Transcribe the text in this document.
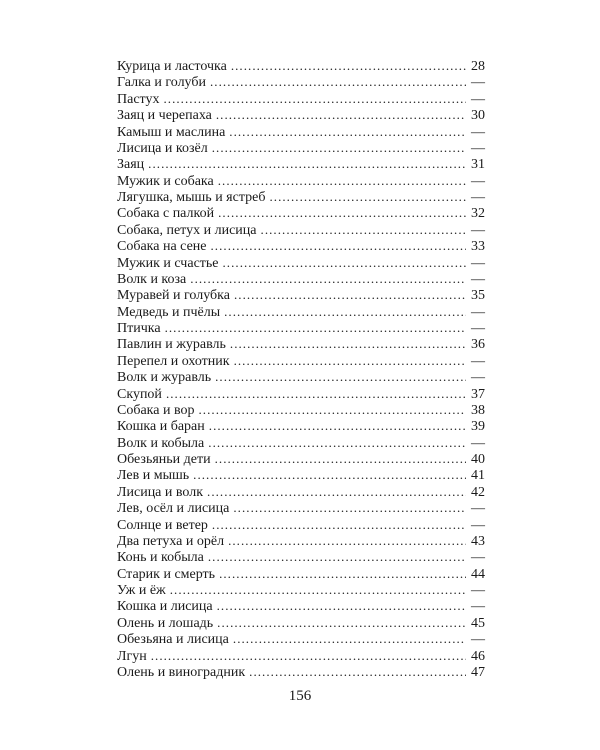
Курица и ласточка . . .	28
Галка и голуби . . .	—
Пастух . . .	—
Заяц и черепаха . . .	30
Камыш и маслина . . .	—
Лисица и козёл . . .	—
Заяц . . .	31
Мужик и собака . . .	—
Лягушка, мышь и ястреб . . .	—
Собака с палкой . . .	32
Собака, петух и лисица . . .	—
Собака на сене . . .	33
Мужик и счастье . . .	—
Волк и коза . . .	—
Муравей и голубка . . .	35
Медведь и пчёлы . . .	—
Птичка . . .	—
Павлин и журавль . . .	36
Перепел и охотник . . .	—
Волк и журавль . . .	—
Скупой . . .	37
Собака и вор . . .	38
Кошка и баран . . .	39
Волк и кобыла . . .	—
Обезьяньи дети . . .	40
Лев и мышь . . .	41
Лисица и волк . . .	42
Лев, осёл и лисица . . .	—
Солнце и ветер . . .	—
Два петуха и орёл . . .	43
Конь и кобыла . . .	—
Старик и смерть . . .	44
Уж и ёж . . .	—
Кошка и лисица . . .	—
Олень и лошадь . . .	45
Обезьяна и лисица . . .	—
Лгун . . .	46
Олень и виноградник . . .	47
156
